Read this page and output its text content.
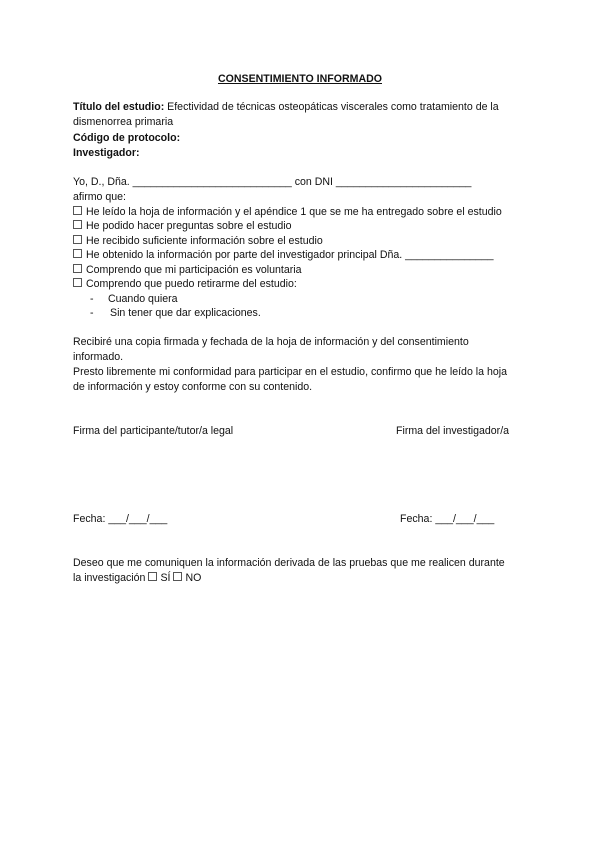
CONSENTIMIENTO INFORMADO
Título del estudio: Efectividad de técnicas osteopáticas viscerales como tratamiento de la
dismenorrea primaria
Código de protocolo:
Investigador:
Yo, D., Dña. ___________________________ con DNI _______________________
afirmo que:
He leído la hoja de información y el apéndice 1 que se me ha entregado sobre el estudio
He podido hacer preguntas sobre el estudio
He recibido suficiente información sobre el estudio
He obtenido la información por parte del investigador principal Dña. _______________
Comprendo que mi participación es voluntaria
Comprendo que puedo retirarme del estudio:
- Cuando quiera
- Sin tener que dar explicaciones.
Recibiré una copia firmada y fechada de la hoja de información y del consentimiento
informado.
Presto libremente mi conformidad para participar en el estudio, confirmo que he leído la hoja
de información y estoy conforme con su contenido.
Firma del participante/tutor/a legal	Firma del investigador/a
Fecha: ___/___/___	Fecha: ___/___/___
Deseo que me comuniquen la información derivada de las pruebas que me realicen durante
la investigación SÍ NO
